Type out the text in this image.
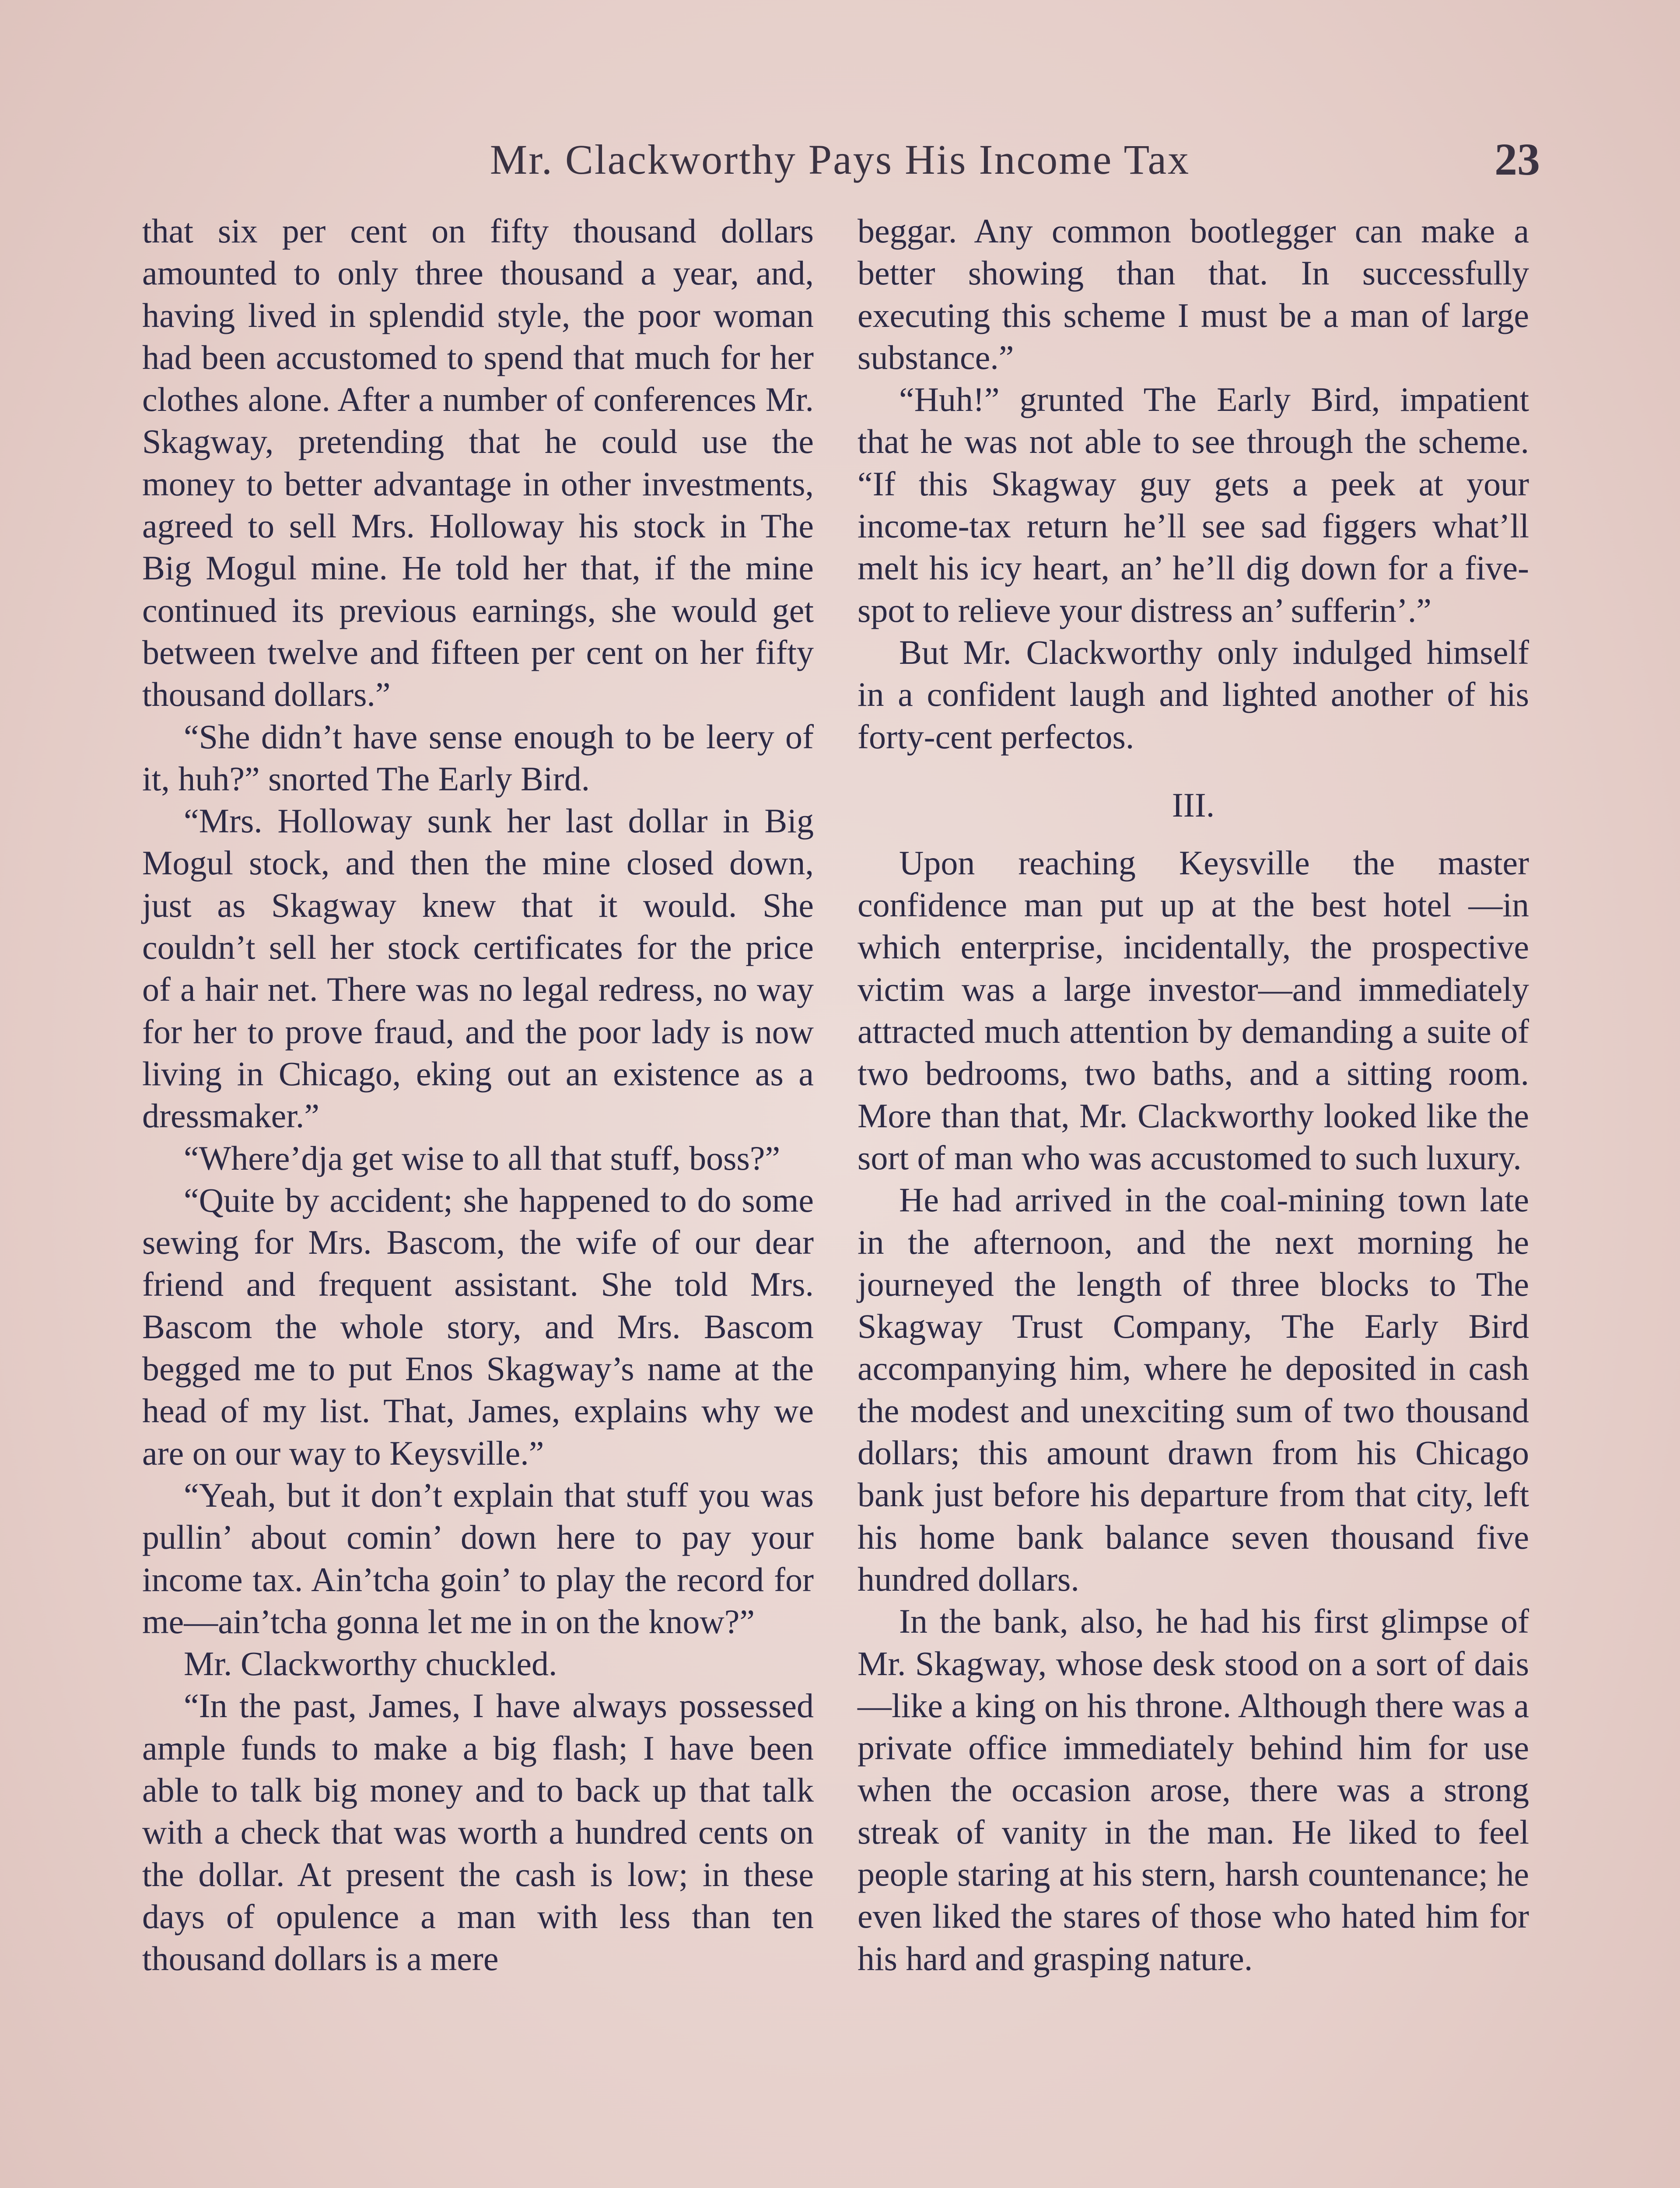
Mr. Clackworthy Pays His Income Tax	23

that six per cent on fifty thousand dollars amounted to only three thousand a year, and, having lived in splendid style, the poor woman had been accustomed to spend that much for her clothes alone. After a number of conferences Mr. Skagway, pretending that he could use the money to better advantage in other investments, agreed to sell Mrs. Holloway his stock in The Big Mogul mine. He told her that, if the mine continued its previous earnings, she would get between twelve and fifteen per cent on her fifty thousand dollars.”

“She didn’t have sense enough to be leery of it, huh?” snorted The Early Bird.

“Mrs. Holloway sunk her last dollar in Big Mogul stock, and then the mine closed down, just as Skagway knew that it would. She couldn’t sell her stock certificates for the price of a hair net. There was no legal redress, no way for her to prove fraud, and the poor lady is now living in Chicago, eking out an existence as a dressmaker.”

“Where’dja get wise to all that stuff, boss?”

“Quite by accident; she happened to do some sewing for Mrs. Bascom, the wife of our dear friend and frequent assistant. She told Mrs. Bascom the whole story, and Mrs. Bascom begged me to put Enos Skagway’s name at the head of my list. That, James, explains why we are on our way to Keysville.”

“Yeah, but it don’t explain that stuff you was pullin’ about comin’ down here to pay your income tax. Ain’tcha goin’ to play the record for me—ain’tcha gonna let me in on the know?”

Mr. Clackworthy chuckled.

“In the past, James, I have always possessed ample funds to make a big flash; I have been able to talk big money and to back up that talk with a check that was worth a hundred cents on the dollar. At present the cash is low; in these days of opulence a man with less than ten thousand dollars is a mere

beggar. Any common bootlegger can make a better showing than that. In successfully executing this scheme I must be a man of large substance.”

“Huh!” grunted The Early Bird, impatient that he was not able to see through the scheme. “If this Skagway guy gets a peek at your income-tax return he’ll see sad figgers what’ll melt his icy heart, an’ he’ll dig down for a five-spot to relieve your distress an’ sufferin’.”

But Mr. Clackworthy only indulged himself in a confident laugh and lighted another of his forty-cent perfectos.

III.

Upon reaching Keysville the master confidence man put up at the best hotel —in which enterprise, incidentally, the prospective victim was a large investor—and immediately attracted much attention by demanding a suite of two bedrooms, two baths, and a sitting room. More than that, Mr. Clackworthy looked like the sort of man who was accustomed to such luxury.

He had arrived in the coal-mining town late in the afternoon, and the next morning he journeyed the length of three blocks to The Skagway Trust Company, The Early Bird accompanying him, where he deposited in cash the modest and unexciting sum of two thousand dollars; this amount drawn from his Chicago bank just before his departure from that city, left his home bank balance seven thousand five hundred dollars.

In the bank, also, he had his first glimpse of Mr. Skagway, whose desk stood on a sort of dais—like a king on his throne. Although there was a private office immediately behind him for use when the occasion arose, there was a strong streak of vanity in the man. He liked to feel people staring at his stern, harsh countenance; he even liked the stares of those who hated him for his hard and grasping nature.
